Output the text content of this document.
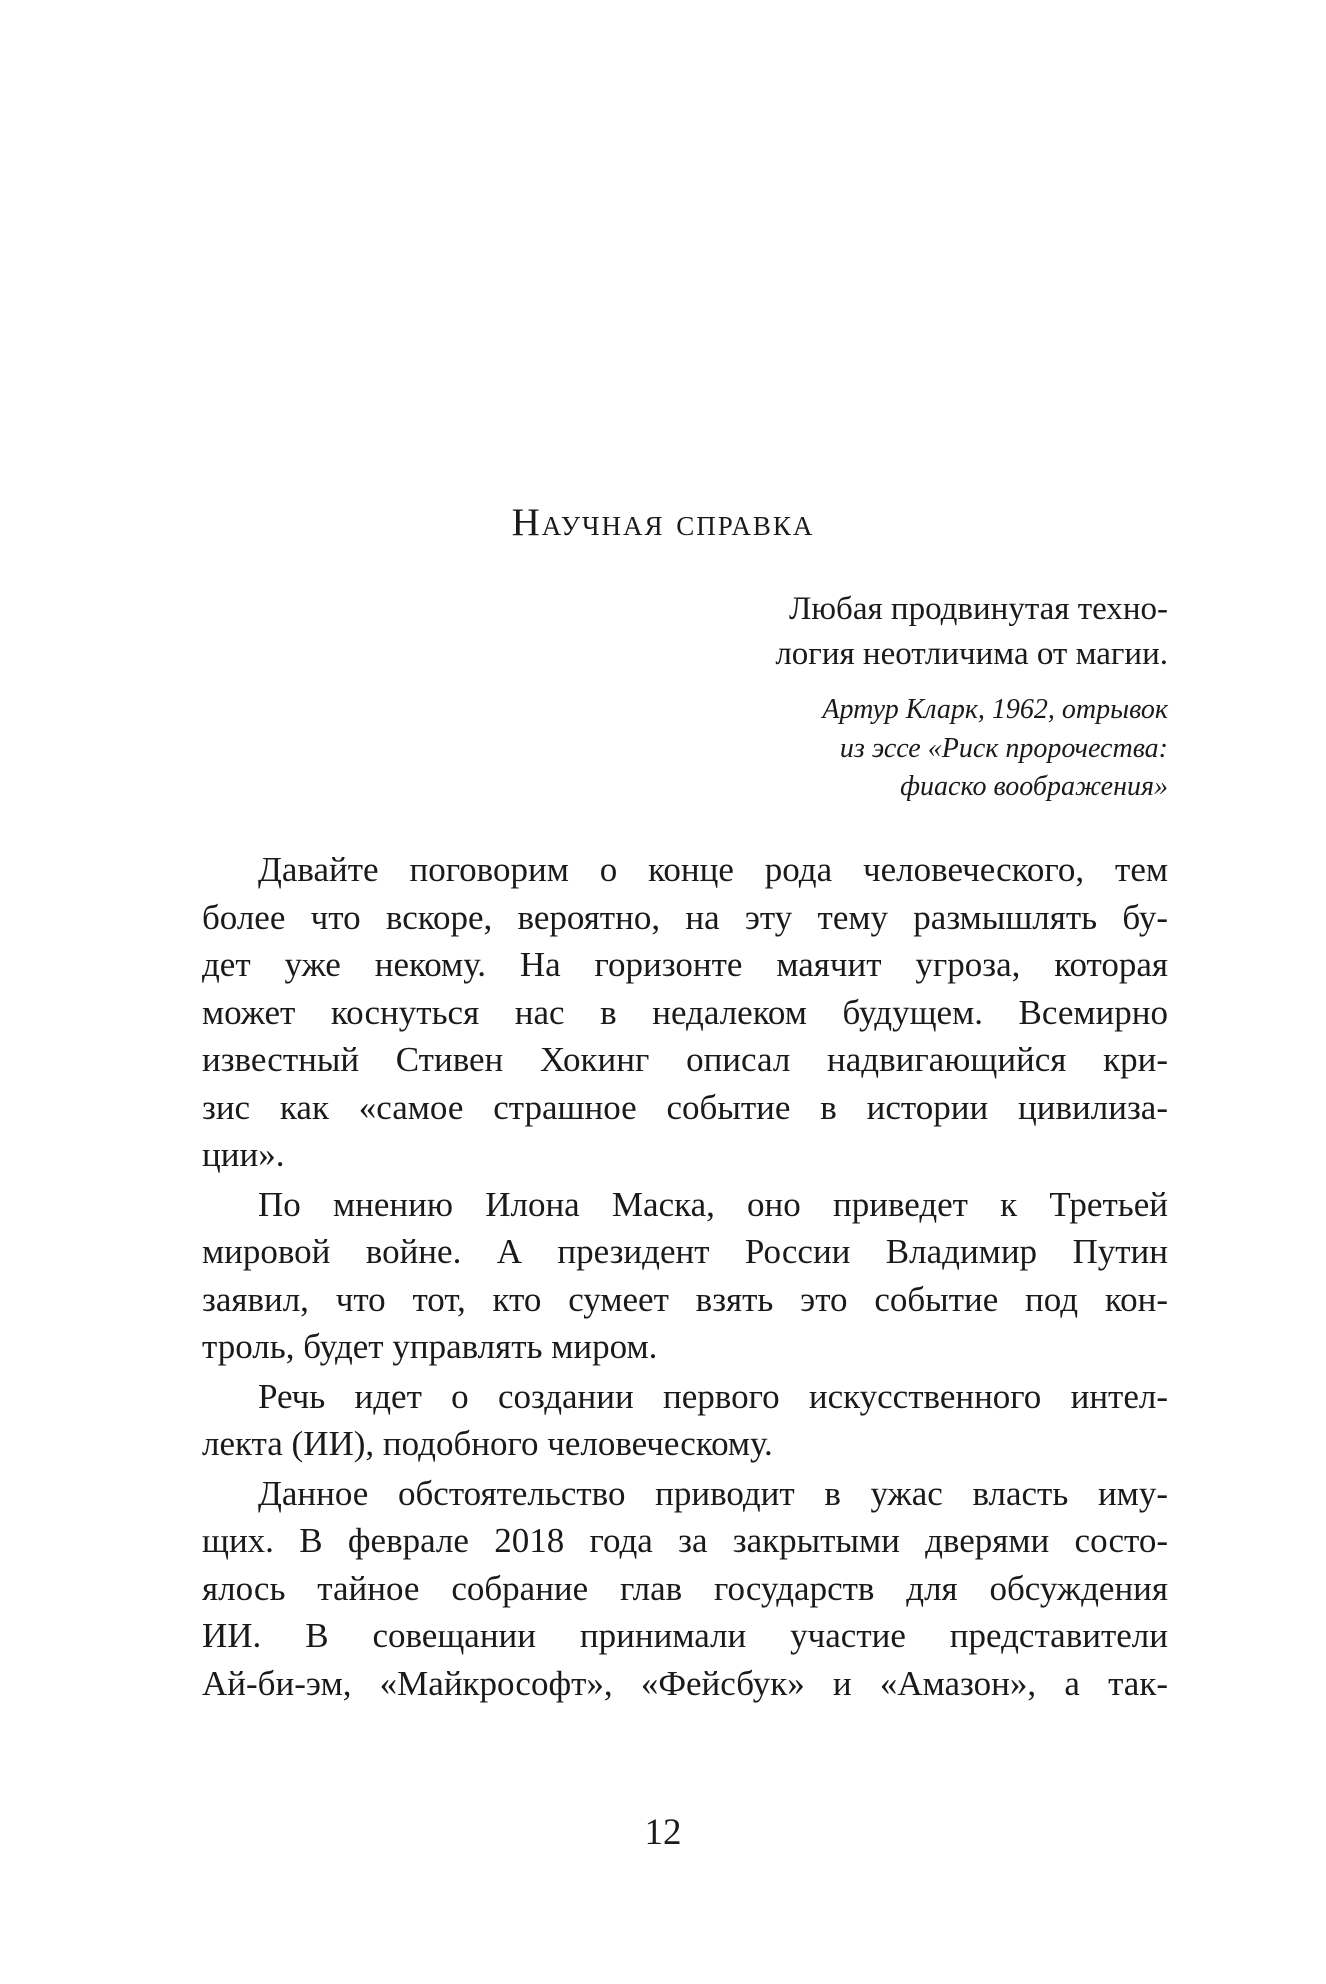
Научная справка
Любая продвинутая техно-
логия неотличима от магии.
Артур Кларк, 1962, отрывок
из эссе «Риск пророчества:
фиаско воображения»
Давайте поговорим о конце рода человеческого, тем
более что вскоре, вероятно, на эту тему размышлять бу-
дет уже некому. На горизонте маячит угроза, которая
может коснуться нас в недалеком будущем. Всемирно
известный Стивен Хокинг описал надвигающийся кри-
зис как «самое страшное событие в истории цивилиза-
ции».
По мнению Илона Маска, оно приведет к Третьей
мировой войне. А президент России Владимир Путин
заявил, что тот, кто сумеет взять это событие под кон-
троль, будет управлять миром.
Речь идет о создании первого искусственного интел-
лекта (ИИ), подобного человеческому.
Данное обстоятельство приводит в ужас власть иму-
щих. В феврале 2018 года за закрытыми дверями состо-
ялось тайное собрание глав государств для обсуждения
ИИ. В совещании принимали участие представители
Ай-би-эм, «Майкрософт», «Фейсбук» и «Амазон», а так-
12
